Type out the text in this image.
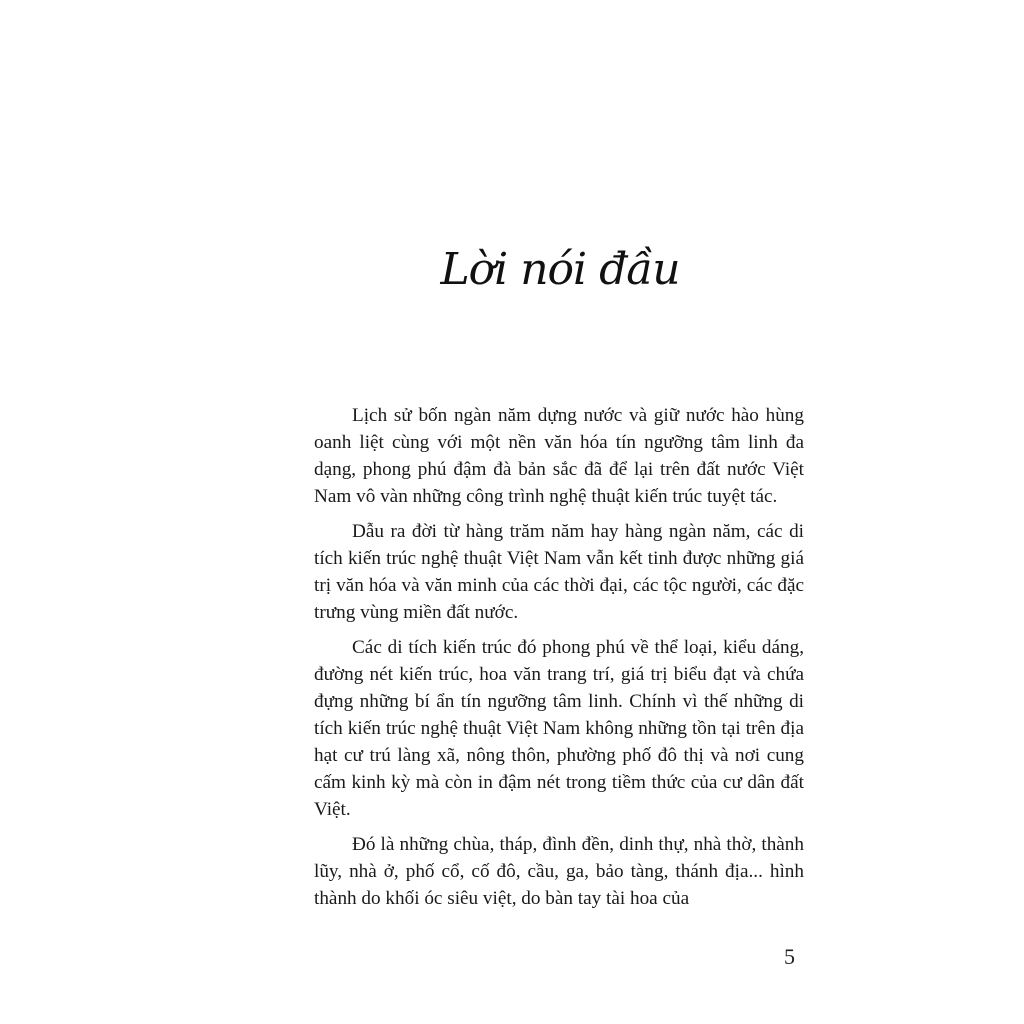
Lời nói đầu

Lịch sử bốn ngàn năm dựng nước và giữ nước hào hùng oanh liệt cùng với một nền văn hóa tín ngưỡng tâm linh đa dạng, phong phú đậm đà bản sắc đã để lại trên đất nước Việt Nam vô vàn những công trình nghệ thuật kiến trúc tuyệt tác.

Dẫu ra đời từ hàng trăm năm hay hàng ngàn năm, các di tích kiến trúc nghệ thuật Việt Nam vẫn kết tinh được những giá trị văn hóa và văn minh của các thời đại, các tộc người, các đặc trưng vùng miền đất nước.

Các di tích kiến trúc đó phong phú về thể loại, kiểu dáng, đường nét kiến trúc, hoa văn trang trí, giá trị biểu đạt và chứa đựng những bí ẩn tín ngưỡng tâm linh. Chính vì thế những di tích kiến trúc nghệ thuật Việt Nam không những tồn tại trên địa hạt cư trú làng xã, nông thôn, phường phố đô thị và nơi cung cấm kinh kỳ mà còn in đậm nét trong tiềm thức của cư dân đất Việt.

Đó là những chùa, tháp, đình đền, dinh thự, nhà thờ, thành lũy, nhà ở, phố cổ, cố đô, cầu, ga, bảo tàng, thánh địa... hình thành do khối óc siêu việt, do bàn tay tài hoa của

5
